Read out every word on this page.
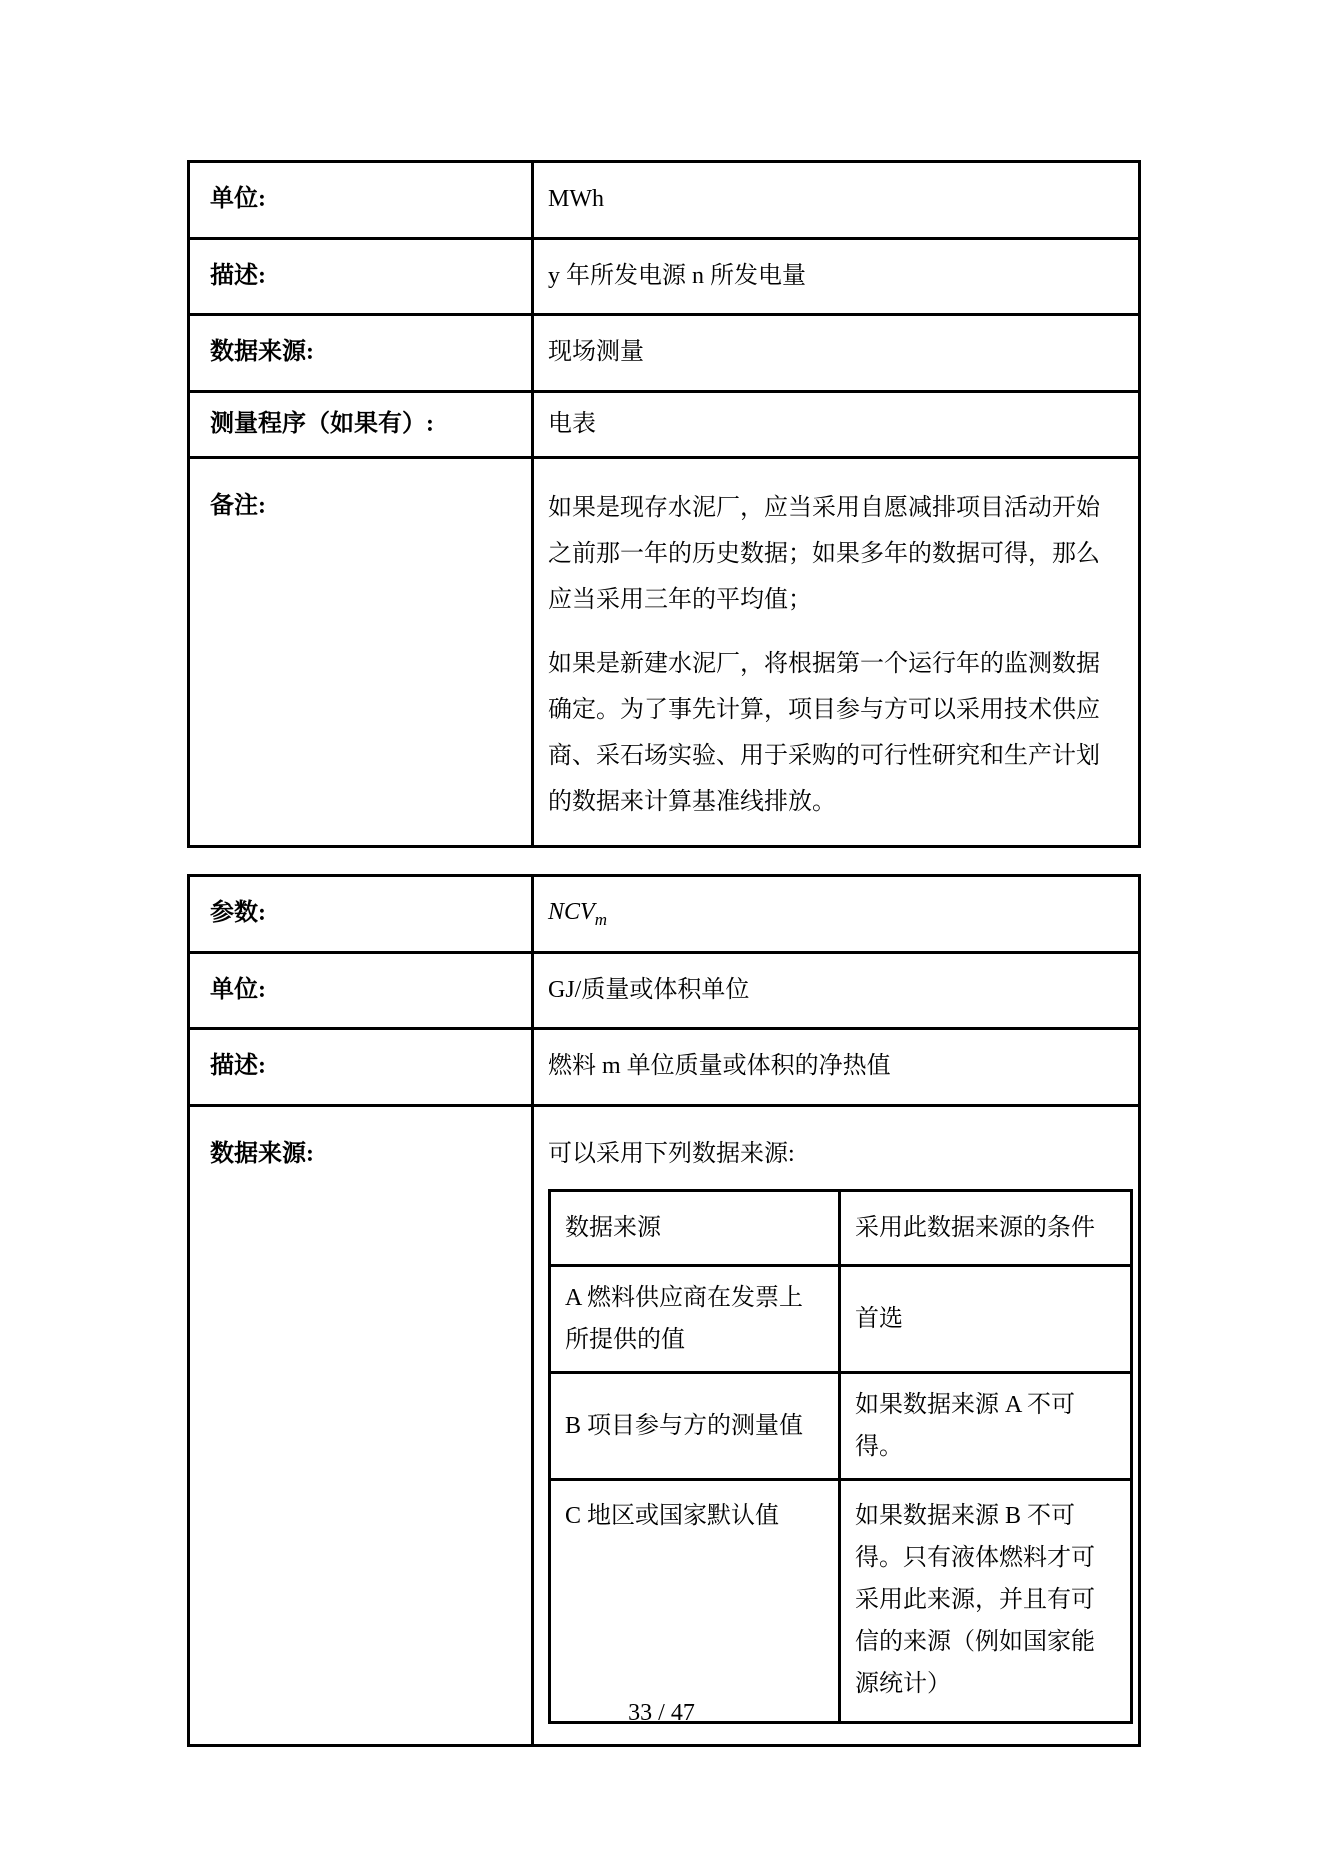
单位:	MWh
描述:	y 年所发电源 n 所发电量
数据来源:	现场测量
测量程序（如果有）:	电表
备注:	如果是现存水泥厂，应当采用自愿减排项目活动开始之前那一年的历史数据；如果多年的数据可得，那么应当采用三年的平均值；

如果是新建水泥厂，将根据第一个运行年的监测数据确定。为了事先计算，项目参与方可以采用技术供应商、采石场实验、用于采购的可行性研究和生产计划的数据来计算基准线排放。

参数:	$NCV_m$
单位:	GJ/质量或体积单位
描述:	燃料 m 单位质量或体积的净热值
数据来源:	可以采用下列数据来源:
数据来源	采用此数据来源的条件
A 燃料供应商在发票上所提供的值	首选
B 项目参与方的测量值	如果数据来源 A 不可得。
C 地区或国家默认值	如果数据来源 B 不可得。只有液体燃料才可采用此来源，并且有可信的来源（例如国家能源统计）
33 / 47
